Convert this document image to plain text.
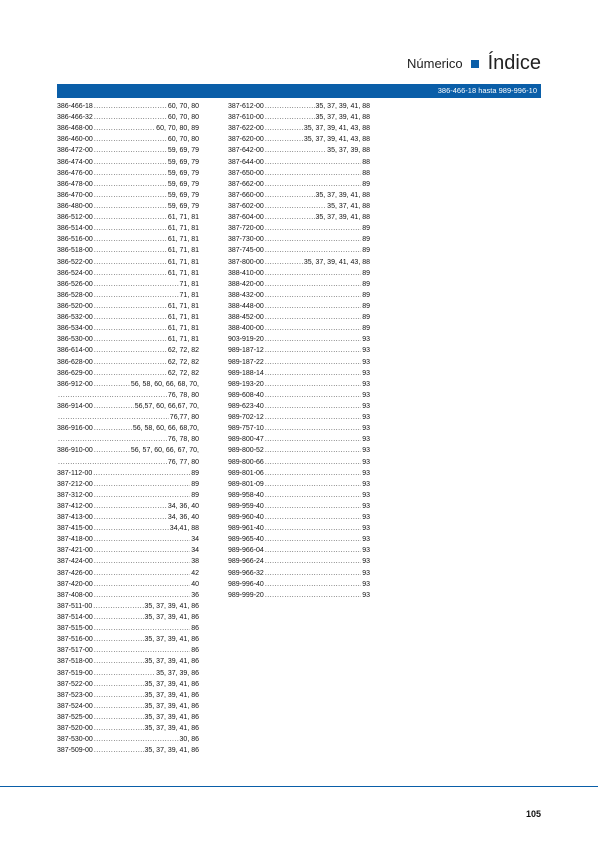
Númerico Índice
386-466-18 hasta 989-996-10
386-466-18 .....	60, 70, 80
386-466-32 .....	60, 70, 80
386-468-00 .....	60, 70, 80, 89
386-460-00 .....	60, 70, 80
386-472-00 .....	59, 69, 79
386-474-00 .....	59, 69, 79
386-476-00 .....	59, 69, 79
386-478-00 .....	59, 69, 79
386-470-00 .....	59, 69, 79
386-480-00 .....	59, 69, 79
386-512-00 .....	61, 71, 81
386-514-00 .....	61, 71, 81
386-516-00 .....	61, 71, 81
386-518-00 .....	61, 71, 81
386-522-00 .....	61, 71, 81
386-524-00 .....	61, 71, 81
386-526-00 .....	71, 81
386-528-00 .....	71, 81
386-520-00 .....	61, 71, 81
386-532-00 .....	61, 71, 81
386-534-00 .....	61, 71, 81
386-530-00 .....	61, 71, 81
386-614-00 .....	62, 72, 82
386-628-00 .....	62, 72, 82
386-629-00 .....	62, 72, 82
386-912-00 .....	56, 58, 60, 66, 68, 70,
.....
76, 78, 80
386-914-00 .....	56,57, 60, 66,67, 70,
.....
76,77, 80
386-916-00 .....	56, 58, 60, 66, 68,70,
.....
76, 78, 80
386-910-00 .....	56, 57, 60, 66, 67, 70,
.....
76, 77, 80
387-112-00 .....	89
387-212-00 .....	89
387-312-00 .....	89
387-412-00 .....	34, 36, 40
387-413-00 .....	34, 36, 40
387-415-00 .....	34,41, 88
387-418-00 .....	34
387-421-00 .....	34
387-424-00 .....	38
387-426-00 .....	42
387-420-00 .....	40
387-408-00 .....	36
387-511-00 .....	35, 37, 39, 41, 86
387-514-00 .....	35, 37, 39, 41, 86
387-515-00 .....	86
387-516-00 .....	35, 37, 39, 41, 86
387-517-00 .....	86
387-518-00 .....	35, 37, 39, 41, 86
387-519-00 .....	35, 37, 39, 86
387-522-00 .....	35, 37, 39, 41, 86
387-523-00 .....	35, 37, 39, 41, 86
387-524-00 .....	35, 37, 39, 41, 86
387-525-00 .....	35, 37, 39, 41, 86
387-520-00 .....	35, 37, 39, 41, 86
387-530-00 .....	30, 86
387-509-00 .....	35, 37, 39, 41, 86
387-612-00 .....	35, 37, 39, 41, 88
387-610-00 .....	35, 37, 39, 41, 88
387-622-00 .....	35, 37, 39, 41, 43, 88
387-620-00 .....	35, 37, 39, 41, 43, 88
387-642-00 .....	35, 37, 39, 88
387-644-00 .....	88
387-650-00 .....	88
387-662-00 .....	89
387-660-00 .....	35, 37, 39, 41, 88
387-602-00 .....	35, 37, 41, 88
387-604-00 .....	35, 37, 39, 41, 88
387-720-00 .....	89
387-730-00 .....	89
387-745-00 .....	89
387-800-00 .....	35, 37, 39, 41, 43, 88
388-410-00 .....	89
388-420-00 .....	89
388-432-00 .....	89
388-448-00 .....	89
388-452-00 .....	89
388-400-00 .....	89
903-919-20 .....	93
989-187-12 .....	93
989-187-22 .....	93
989-188-14 .....	93
989-193-20 .....	93
989-608-40 .....	93
989-623-40 .....	93
989-702-12 .....	93
989-757-10 .....	93
989-800-47 .....	93
989-800-52 .....	93
989-800-66 .....	93
989-801-06 .....	93
989-801-09 .....	93
989-958-40 .....	93
989-959-40 .....	93
989-960-40 .....	93
989-961-40 .....	93
989-965-40 .....	93
989-966-04 .....	93
989-966-24 .....	93
989-966-32 .....	93
989-996-40 .....	93
989-999-20 .....	93
105
